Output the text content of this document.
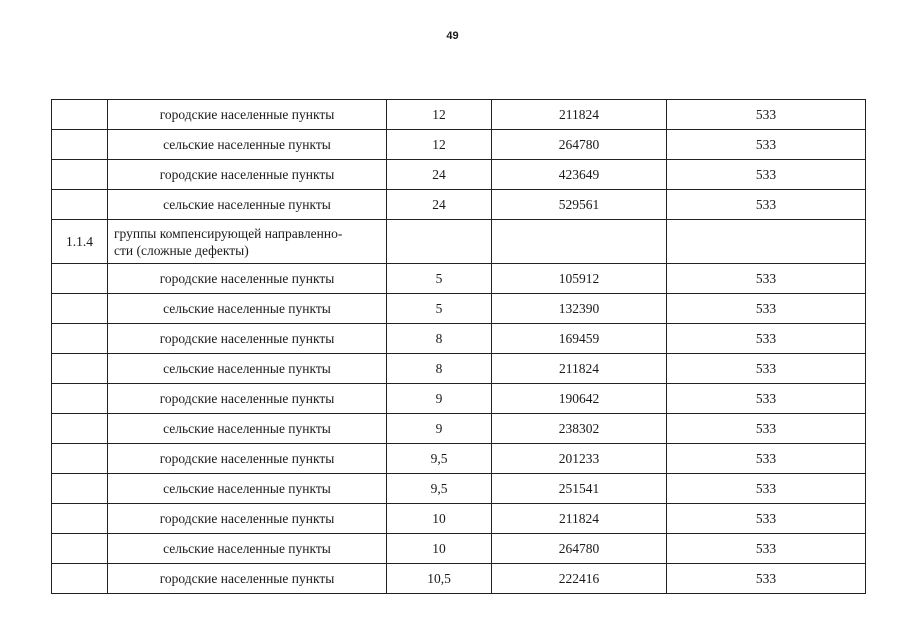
49
	городские населенные пункты	12	211824	533
	сельские населенные пункты	12	264780	533
	городские населенные пункты	24	423649	533
	сельские населенные пункты	24	529561	533
1.1.4	группы компенсирующей направленно-
сти (сложные дефекты)			
	городские населенные пункты	5	105912	533
	сельские населенные пункты	5	132390	533
	городские населенные пункты	8	169459	533
	сельские населенные пункты	8	211824	533
	городские населенные пункты	9	190642	533
	сельские населенные пункты	9	238302	533
	городские населенные пункты	9,5	201233	533
	сельские населенные пункты	9,5	251541	533
	городские населенные пункты	10	211824	533
	сельские населенные пункты	10	264780	533
	городские населенные пункты	10,5	222416	533
